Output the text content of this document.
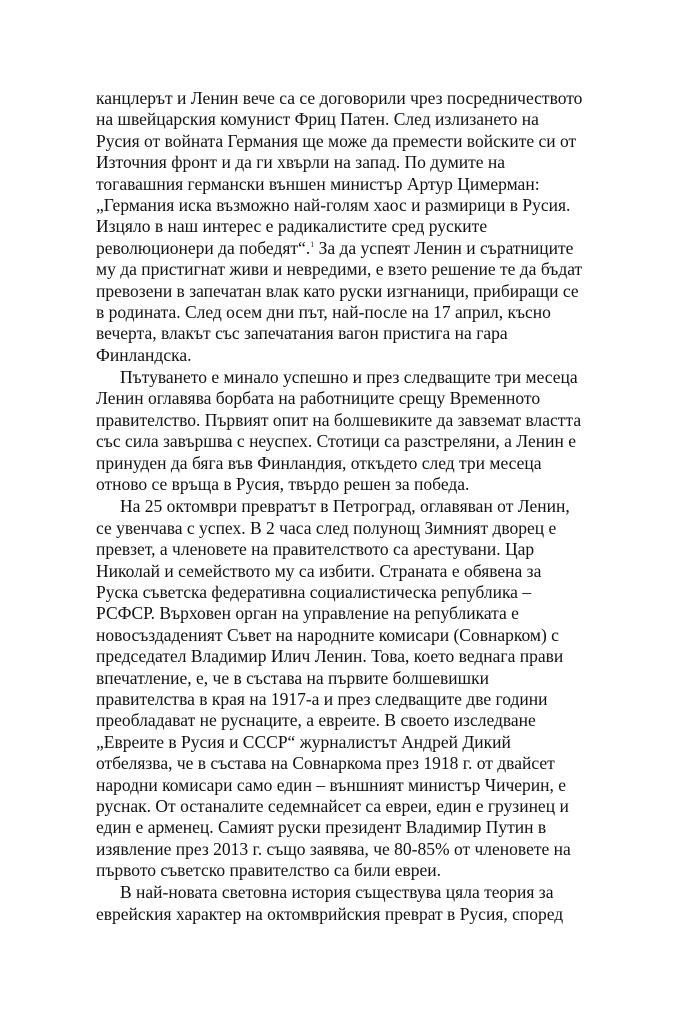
канцлерът и Ленин вече са се договорили чрез посредничеството
на швейцарския комунист Фриц Патен. След излизането на
Русия от войната Германия ще може да премести войските си от
Източния фронт и да ги хвърли на запад. По думите на
тогавашния германски външен министър Артур Цимерман:
„Германия иска възможно най-голям хаос и размирици в Русия.
Изцяло в наш интерес е радикалистите сред руските
революционери да победят“.$^1$ За да успеят Ленин и съратниците
му да пристигнат живи и невредими, е взето решение те да бъдат
превозени в запечатан влак като руски изгнаници, прибиращи се
в родината. След осем дни път, най-после на 17 април, късно
вечерта, влакът със запечатания вагон пристига на гара
Финландска.
Пътуването е минало успешно и през следващите три месеца
Ленин оглавява борбата на работниците срещу Временното
правителство. Първият опит на болшевиките да завземат властта
със сила завършва с неуспех. Стотици са разстреляни, а Ленин е
принуден да бяга във Финландия, откъдето след три месеца
отново се връща в Русия, твърдо решен за победа.
На 25 октомври превратът в Петроград, оглавяван от Ленин,
се увенчава с успех. В 2 часа след полунощ Зимният дворец е
превзет, а членовете на правителството са арестувани. Цар
Николай и семейството му са избити. Страната е обявена за
Руска съветска федеративна социалистическа република –
РСФСР. Върховен орган на управление на републиката е
новосъздаденият Съвет на народните комисари (Совнарком) с
председател Владимир Илич Ленин. Това, което веднага прави
впечатление, е, че в състава на първите болшевишки
правителства в края на 1917-а и през следващите две години
преобладават не руснаците, а евреите. В своето изследване
„Евреите в Русия и СССР“ журналистът Андрей Дикий
отбелязва, че в състава на Совнаркома през 1918 г. от двайсет
народни комисари само един – външният министър Чичерин, е
руснак. От останалите седемнайсет са евреи, един е грузинец и
един е арменец. Самият руски президент Владимир Путин в
изявление през 2013 г. също заявява, че 80-85% от членовете на
първото съветско правителство са били евреи.
В най-новата световна история съществува цяла теория за
еврейския характер на октомврийския преврат в Русия, според
